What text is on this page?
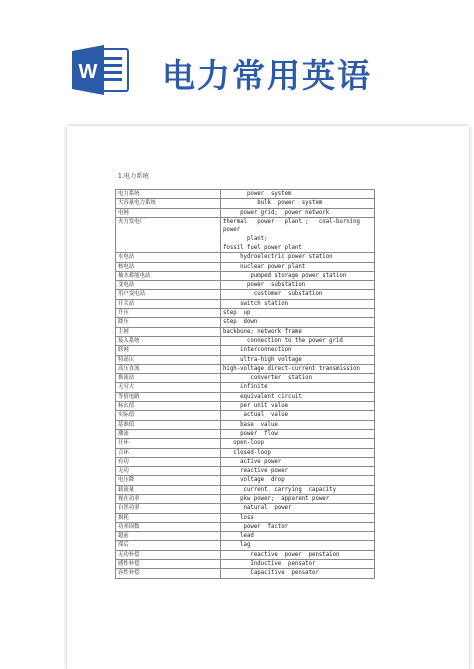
W 电力常用英语

1.电力系统
电力系统	power  system
大容量电力系统	bulk  power  system
电网	power grid;  power network
火力发电厂	thermal   power   plant ;   coal-burning   power
plant;
fossil fuel power plant
水电站	hydroelectric power station
核电站	nuclear power plant
抽水蓄能电站	pumped storage power station
变电站	power  substation
用户变电站	customer  substation
开关站	switch station
升压	step  up
降压	step  down
主网	backbone; network frame
接入系统	connection to the power grid
联网	interconnection
特高压	ultra-high voltage
高压直流	high-voltage direct-current transmission
换流站	converter  station
无穷大	infinite
等值电路	equivalent circuit
标幺值	per unit value
实际值	actual  value
基准值	base  value
潮流	power  flow
开环	open-loop
合环	closed-loop
有功	active power
无功	reactive power
电压降	voltage  drop
载流量	current  carrying  capacity
视在功率	pkw power;  apparent power
自然功率	natural  power
损耗	loss
功率因数	power  factor
超前	lead
滞后	lag
无功补偿	reactive  power  penstaion
感性补偿	Inductive  pensator
容性补偿	Capacitive  pensator
